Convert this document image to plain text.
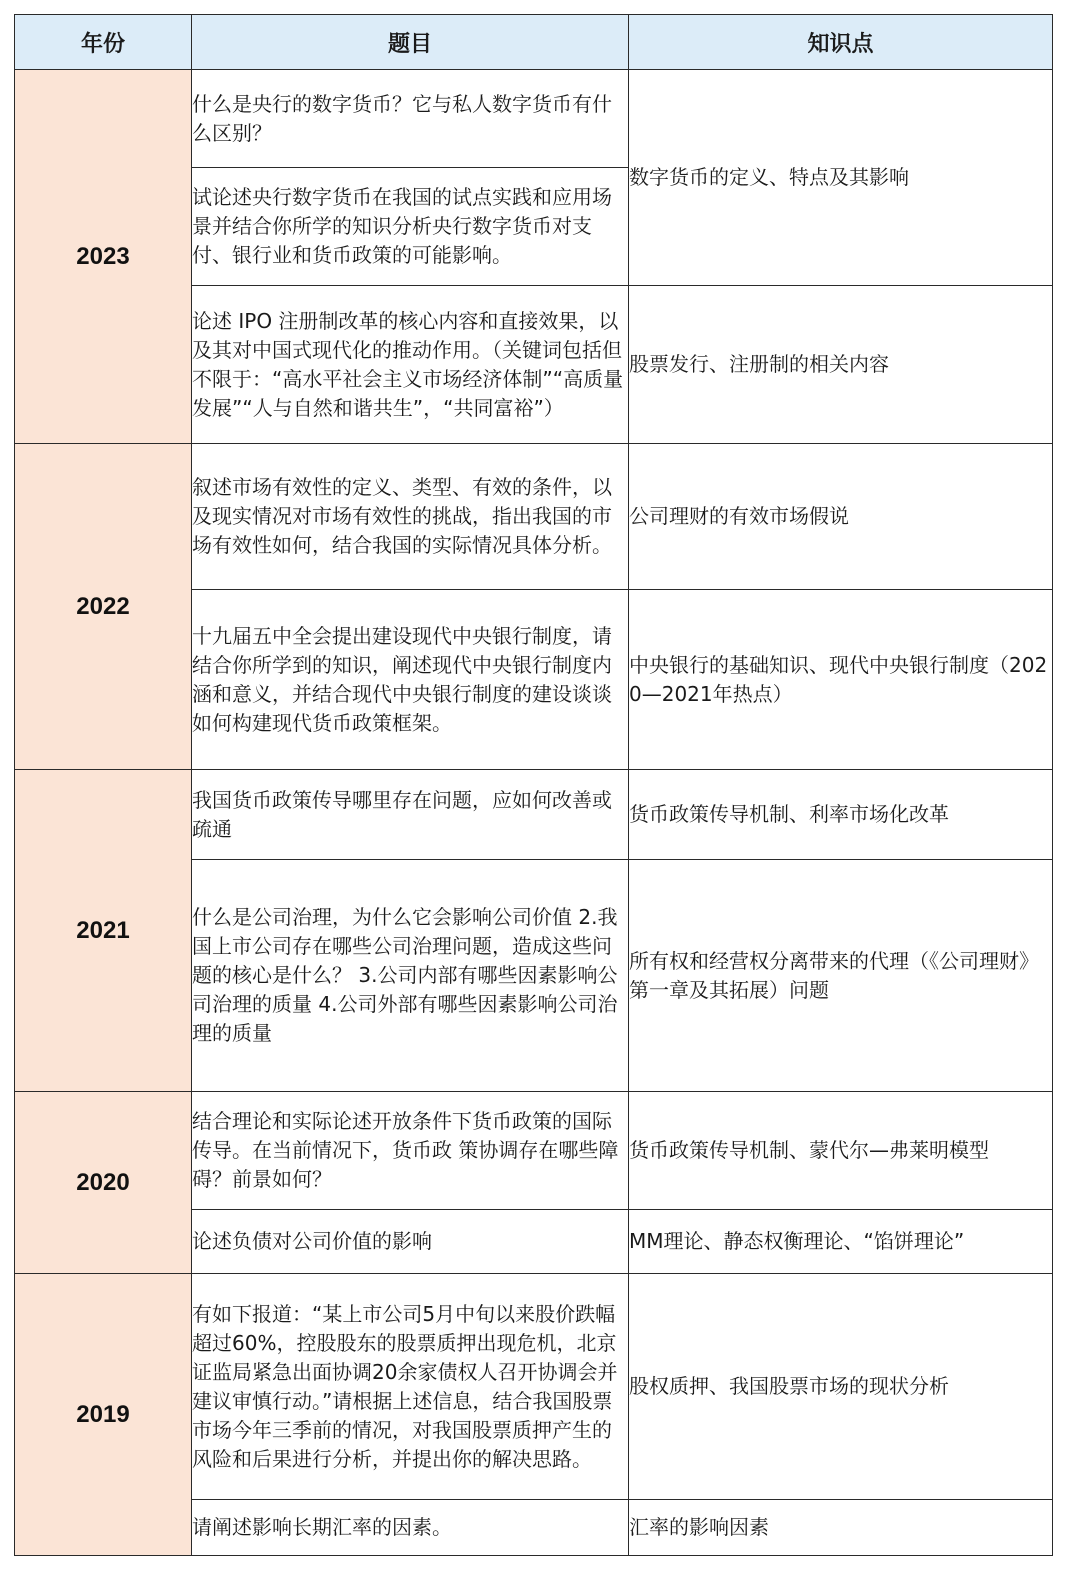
年份	题目	知识点
2023	什么是央行的数字货币？它与私人数字货币有什么区别？	数字货币的定义、特点及其影响
	试论述央行数字货币在我国的试点实践和应用场景并结合你所学的知识分析央行数字货币对支付、银行业和货币政策的可能影响。	
	论述 IPO 注册制改革的核心内容和直接效果，以及其对中国式现代化的推动作用。（关键词包括但不限于：“高水平社会主义市场经济体制”“高质量发展”“人与自然和谐共生”，“共同富裕”）	股票发行、注册制的相关内容
2022	叙述市场有效性的定义、类型、有效的条件，以及现实情况对市场有效性的挑战，指出我国的市场有效性如何，结合我国的实际情况具体分析。	公司理财的有效市场假说
	十九届五中全会提出建设现代中央银行制度，请结合你所学到的知识，阐述现代中央银行制度内涵和意义，并结合现代中央银行制度的建设谈谈如何构建现代货币政策框架。	中央银行的基础知识、现代中央银行制度（2020—2021年热点）
2021	我国货币政策传导哪里存在问题，应如何改善或疏通	货币政策传导机制、利率市场化改革
	什么是公司治理，为什么它会影响公司价值 2.我国上市公司存在哪些公司治理问题，造成这些问题的核心是什么？ 3.公司内部有哪些因素影响公司治理的质量 4.公司外部有哪些因素影响公司治理的质量	所有权和经营权分离带来的代理（《公司理财》第一章及其拓展）问题
2020	结合理论和实际论述开放条件下货币政策的国际传导。在当前情况下，货币政 策协调存在哪些障碍？前景如何？	货币政策传导机制、蒙代尔—弗莱明模型
	论述负债对公司价值的影响	MM理论、静态权衡理论、“馅饼理论”
2019	有如下报道：“某上市公司5月中旬以来股价跌幅超过60%，控股股东的股票质押出现危机，北京证监局紧急出面协调20余家债权人召开协调会并建议审慎行动。”请根据上述信息，结合我国股票市场今年三季前的情况，对我国股票质押产生的风险和后果进行分析，并提出你的解决思路。	股权质押、我国股票市场的现状分析
	请阐述影响长期汇率的因素。	汇率的影响因素
